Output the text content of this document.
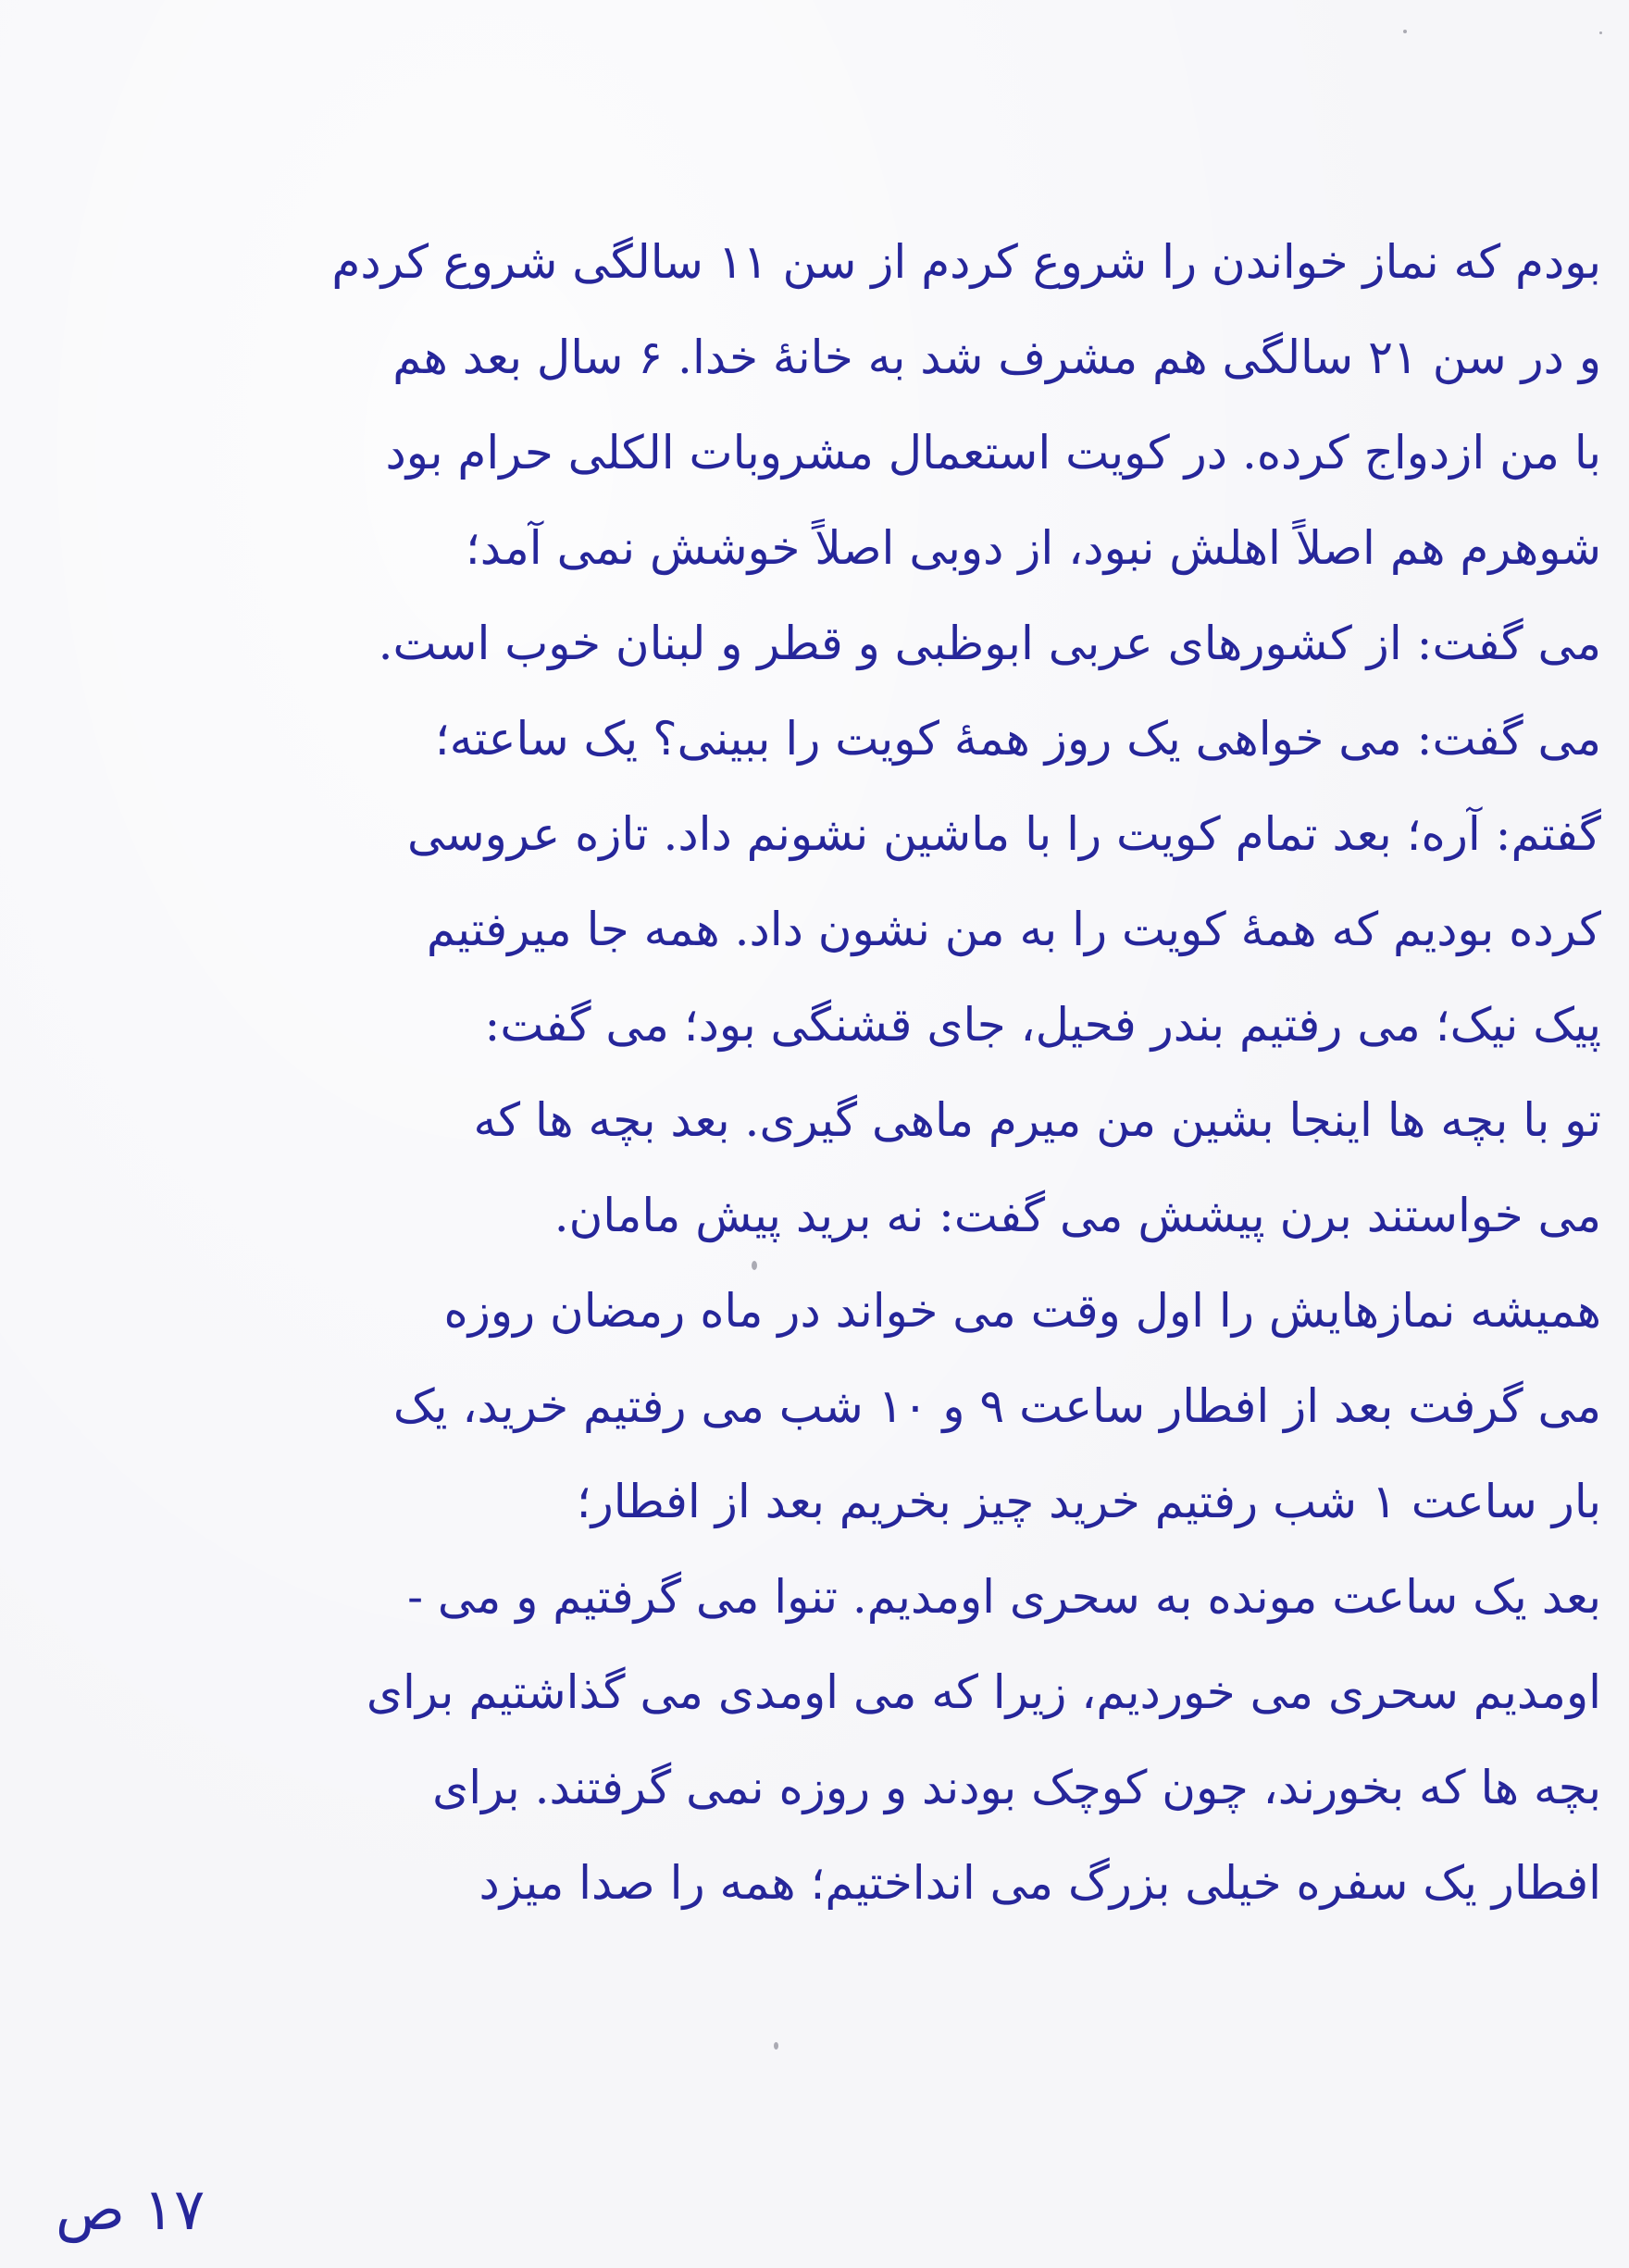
بودم که نماز خواندن را شروع کردم از سن ۱۱ سالگی شروع کردم
و در سن ۲۱ سالگی هم مشرف شد به خانهٔ خدا. ۶ سال بعد هم
با من ازدواج کرده. در کویت استعمال مشروبات الکلی حرام بود
شوهرم هم اصلاً اهلش نبود، از دوبی اصلاً خوشش نمی آمد؛
می گفت: از کشورهای عربی ابوظبی و قطر و لبنان خوب است.
می گفت: می خواهی یک روز همهٔ کویت را ببینی؟ یک ساعته؛
گفتم: آره؛ بعد تمام کویت را با ماشین نشونم داد. تازه عروسی
کرده بودیم که همهٔ کویت را به من نشون داد. همه جا میرفتیم
پیک نیک؛ می رفتیم بندر فحیل، جای قشنگی بود؛ می گفت:
تو با بچه ها اینجا بشین من میرم ماهی گیری. بعد بچه ها که
می خواستند برن پیشش می گفت: نه برید پیش مامان.
همیشه نمازهایش را اول وقت می خواند در ماه رمضان روزه
می گرفت بعد از افطار ساعت ۹ و ۱۰ شب می رفتیم خرید، یک
بار ساعت ۱ شب رفتیم خرید چیز بخریم بعد از افطار؛
بعد یک ساعت مونده به سحری اومدیم. تنوا می گرفتیم و می -
اومدیم سحری می خوردیم، زیرا که می اومدی می گذاشتیم برای
بچه ها که بخورند، چون کوچک بودند و روزه نمی گرفتند. برای
افطار یک سفره خیلی بزرگ می انداختیم؛ همه را صدا میزد
۱۷ ص
